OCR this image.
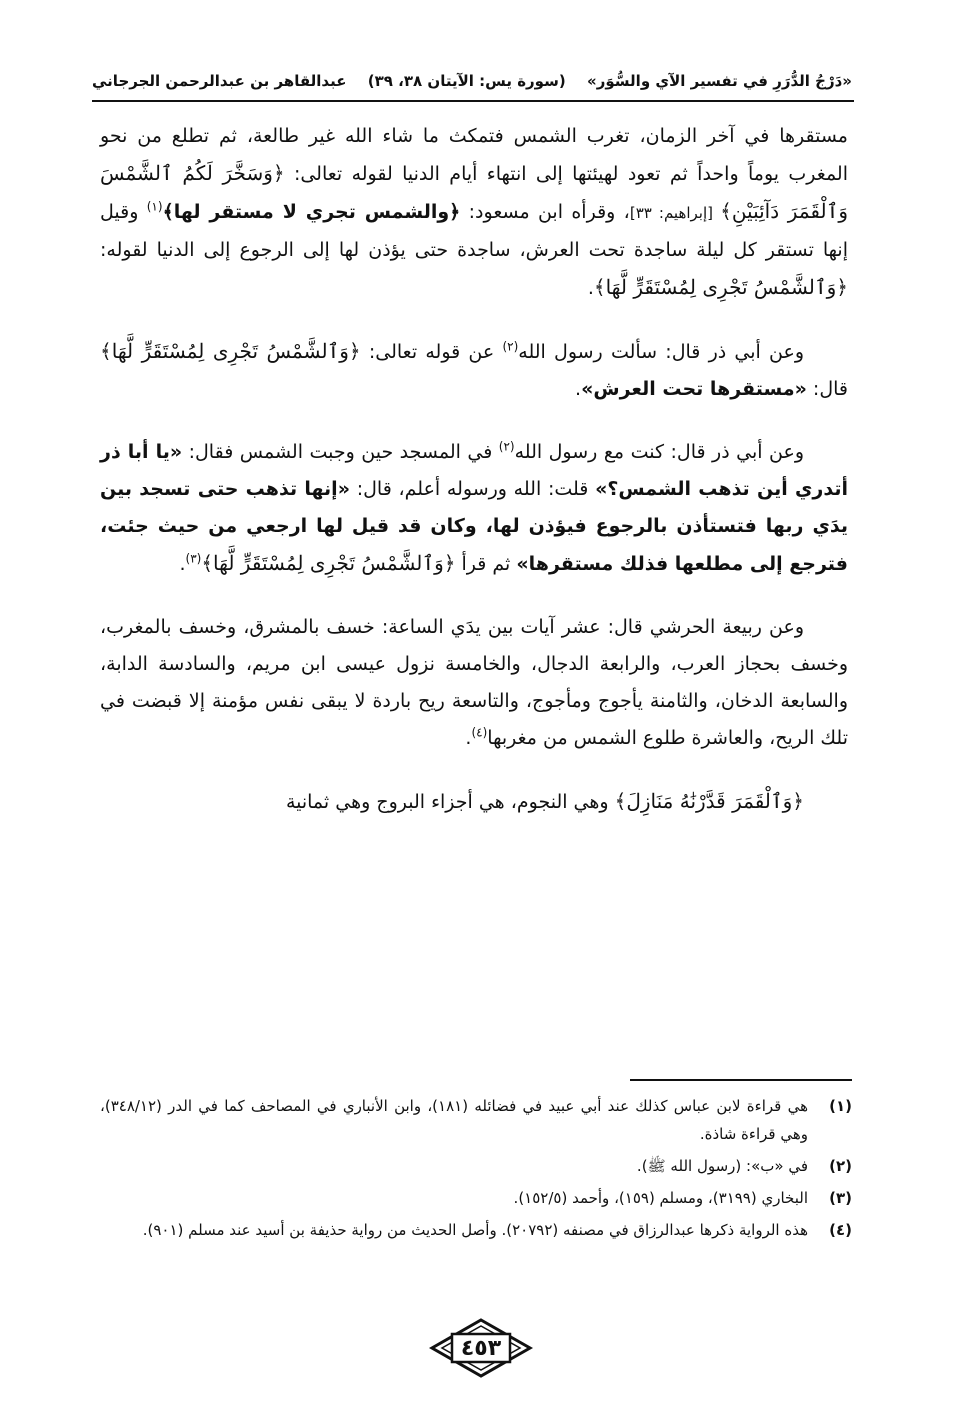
«دَرْجُ الدُّرَرِ في تفسير الآي والسُّوَر»
(سورة يس: الآيتان ٣٨، ٣٩)
عبدالقاهر بن عبدالرحمن الجرجاني

مستقرها في آخر الزمان، تغرب الشمس فتمكث ما شاء الله غير طالعة، ثم تطلع من نحو المغرب يوماً واحداً ثم تعود لهيئتها إلى انتهاء أيام الدنيا لقوله تعالى: ﴿وَسَخَّرَ لَكُمُ ٱلشَّمْسَ وَٱلْقَمَرَ دَآئِبَيْنِ﴾ [إبراهيم: ٣٣]، وقرأه ابن مسعود: ﴿والشمس تجري لا مستقر لها﴾$^{(١)}$ وقيل إنها تستقر كل ليلة ساجدة تحت العرش، ساجدة حتى يؤذن لها إلى الرجوع إلى الدنيا لقوله: ﴿وَٱلشَّمْسُ تَجْرِى لِمُسْتَقَرٍّ لَّهَا﴾.

وعن أبي ذر قال: سألت رسول الله$^{(٢)}$ عن قوله تعالى: ﴿وَٱلشَّمْسُ تَجْرِى لِمُسْتَقَرٍّ لَّهَا﴾ قال: «مستقرها تحت العرش».

وعن أبي ذر قال: كنت مع رسول الله$^{(٢)}$ في المسجد حين وجبت الشمس فقال: «يا أبا ذر أتدري أين تذهب الشمس؟» قلت: الله ورسوله أعلم، قال: «إنها تذهب حتى تسجد بين يدَي ربها فتستأذن بالرجوع فيؤذن لها، وكان قد قيل لها ارجعي من حيث جئت، فترجع إلى مطلعها فذلك مستقرها» ثم قرأ ﴿وَٱلشَّمْسُ تَجْرِى لِمُسْتَقَرٍّ لَّهَا﴾$^{(٣)}$.

وعن ربيعة الحرشي قال: عشر آيات بين يدَي الساعة: خسف بالمشرق، وخسف بالمغرب، وخسف بحجاز العرب، والرابعة الدجال، والخامسة نزول عيسى ابن مريم، والسادسة الدابة، والسابعة الدخان، والثامنة يأجوج ومأجوج، والتاسعة ريح باردة لا يبقى نفس مؤمنة إلا قبضت في تلك الريح، والعاشرة طلوع الشمس من مغربها$^{(٤)}$.

﴿وَٱلْقَمَرَ قَدَّرْنَٰهُ مَنَازِلَ﴾ وهي النجوم، هي أجزاء البروج وهي ثمانية

(١)
هي قراءة لابن عباس كذلك عند أبي عبيد في فضائله (١٨١)، وابن الأنباري في المصاحف كما في الدر (٣٤٨/١٢)، وهي قراءة شاذة.
(٢)
في «ب»: (رسول الله ﷺ).
(٣)
البخاري (٣١٩٩)، ومسلم (١٥٩)، وأحمد (١٥٢/٥).
(٤)
هذه الرواية ذكرها عبدالرزاق في مصنفه (٢٠٧٩٢). وأصل الحديث من رواية حذيفة بن أسيد عند مسلم (٩٠١).
٤٥٣
